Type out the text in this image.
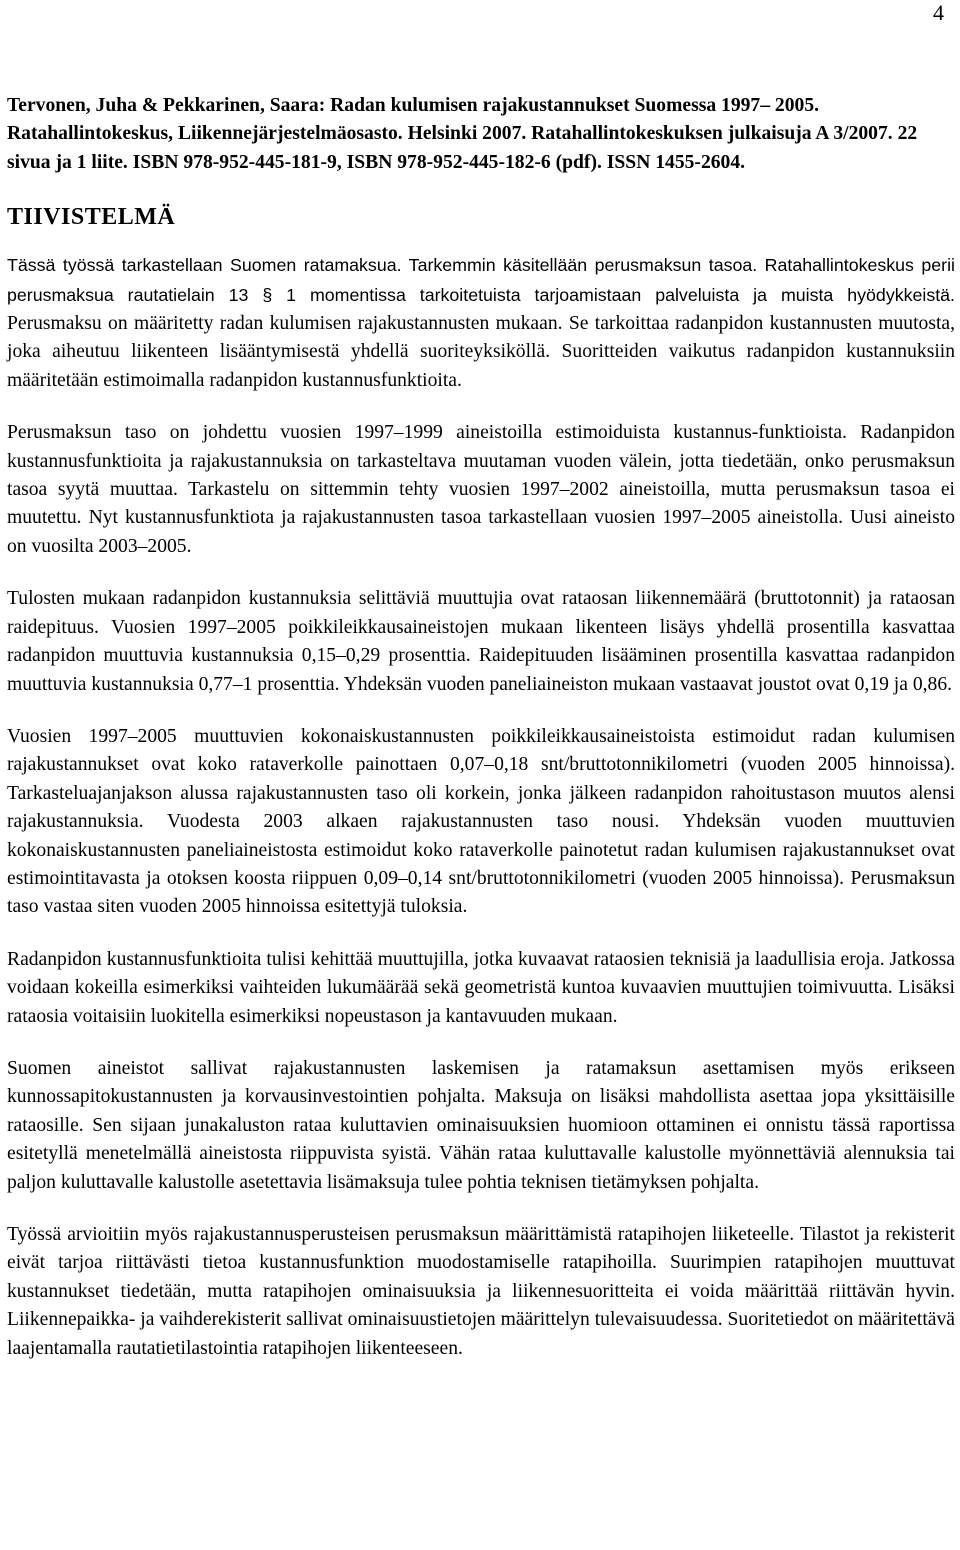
4

Tervonen, Juha & Pekkarinen, Saara: Radan kulumisen rajakustannukset Suomessa 1997– 2005. Ratahallintokeskus, Liikennejärjestelmäosasto. Helsinki 2007. Ratahallintokeskuksen julkaisuja A 3/2007. 22 sivua ja 1 liite. ISBN 978-952-445-181-9, ISBN 978-952-445-182-6 (pdf). ISSN 1455-2604.

TIIVISTELMÄ

Tässä työssä tarkastellaan Suomen ratamaksua. Tarkemmin käsitellään perusmaksun tasoa. Ratahallintokeskus perii perusmaksua rautatielain 13 § 1 momentissa tarkoitetuista tarjoamistaan palveluista ja muista hyödykkeistä. Perusmaksu on määritetty radan kulumisen rajakustannusten mukaan. Se tarkoittaa radanpidon kustannusten muutosta, joka aiheutuu liikenteen lisääntymisestä yhdellä suoriteyksiköllä. Suoritteiden vaikutus radanpidon kustannuksiin määritetään estimoimalla radanpidon kustannusfunktioita.

Perusmaksun taso on johdettu vuosien 1997–1999 aineistoilla estimoiduista kustannus-funktioista. Radanpidon kustannusfunktioita ja rajakustannuksia on tarkasteltava muutaman vuoden välein, jotta tiedetään, onko perusmaksun tasoa syytä muuttaa. Tarkastelu on sittemmin tehty vuosien 1997–2002 aineistoilla, mutta perusmaksun tasoa ei muutettu. Nyt kustannusfunktiota ja rajakustannusten tasoa tarkastellaan vuosien 1997–2005 aineistolla. Uusi aineisto on vuosilta 2003–2005.

Tulosten mukaan radanpidon kustannuksia selittäviä muuttujia ovat rataosan liikennemäärä (bruttotonnit) ja rataosan raidepituus. Vuosien 1997–2005 poikkileikkausaineistojen mukaan likenteen lisäys yhdellä prosentilla kasvattaa radanpidon muuttuvia kustannuksia 0,15–0,29 prosenttia. Raidepituuden lisääminen prosentilla kasvattaa radanpidon muuttuvia kustannuksia 0,77–1 prosenttia. Yhdeksän vuoden paneliaineiston mukaan vastaavat joustot ovat 0,19 ja 0,86.

Vuosien 1997–2005 muuttuvien kokonaiskustannusten poikkileikkausaineistoista estimoidut radan kulumisen rajakustannukset ovat koko rataverkolle painottaen 0,07–0,18 snt/bruttotonnikilometri (vuoden 2005 hinnoissa). Tarkasteluajanjakson alussa rajakustannusten taso oli korkein, jonka jälkeen radanpidon rahoitustason muutos alensi rajakustannuksia. Vuodesta 2003 alkaen rajakustannusten taso nousi. Yhdeksän vuoden muuttuvien kokonaiskustannusten paneliaineistosta estimoidut koko rataverkolle painotetut radan kulumisen rajakustannukset ovat estimointitavasta ja otoksen koosta riippuen 0,09–0,14 snt/bruttotonnikilometri (vuoden 2005 hinnoissa). Perusmaksun taso vastaa siten vuoden 2005 hinnoissa esitettyjä tuloksia.

Radanpidon kustannusfunktioita tulisi kehittää muuttujilla, jotka kuvaavat rataosien teknisiä ja laadullisia eroja. Jatkossa voidaan kokeilla esimerkiksi vaihteiden lukumäärää sekä geometristä kuntoa kuvaavien muuttujien toimivuutta. Lisäksi rataosia voitaisiin luokitella esimerkiksi nopeustason ja kantavuuden mukaan.

Suomen aineistot sallivat rajakustannusten laskemisen ja ratamaksun asettamisen myös erikseen kunnossapitokustannusten ja korvausinvestointien pohjalta. Maksuja on lisäksi mahdollista asettaa jopa yksittäisille rataosille. Sen sijaan junakaluston rataa kuluttavien ominaisuuksien huomioon ottaminen ei onnistu tässä raportissa esitetyllä menetelmällä aineistosta riippuvista syistä. Vähän rataa kuluttavalle kalustolle myönnettäviä alennuksia tai paljon kuluttavalle kalustolle asetettavia lisämaksuja tulee pohtia teknisen tietämyksen pohjalta.

Työssä arvioitiin myös rajakustannusperusteisen perusmaksun määrittämistä ratapihojen liiketeelle. Tilastot ja rekisterit eivät tarjoa riittävästi tietoa kustannusfunktion muodostamiselle ratapihoilla. Suurimpien ratapihojen muuttuvat kustannukset tiedetään, mutta ratapihojen ominaisuuksia ja liikennesuoritteita ei voida määrittää riittävän hyvin. Liikennepaikka- ja vaihderekisterit sallivat ominaisuustietojen määrittelyn tulevaisuudessa. Suoritetiedot on määritettävä laajentamalla rautatietilastointia ratapihojen liikenteeseen.
